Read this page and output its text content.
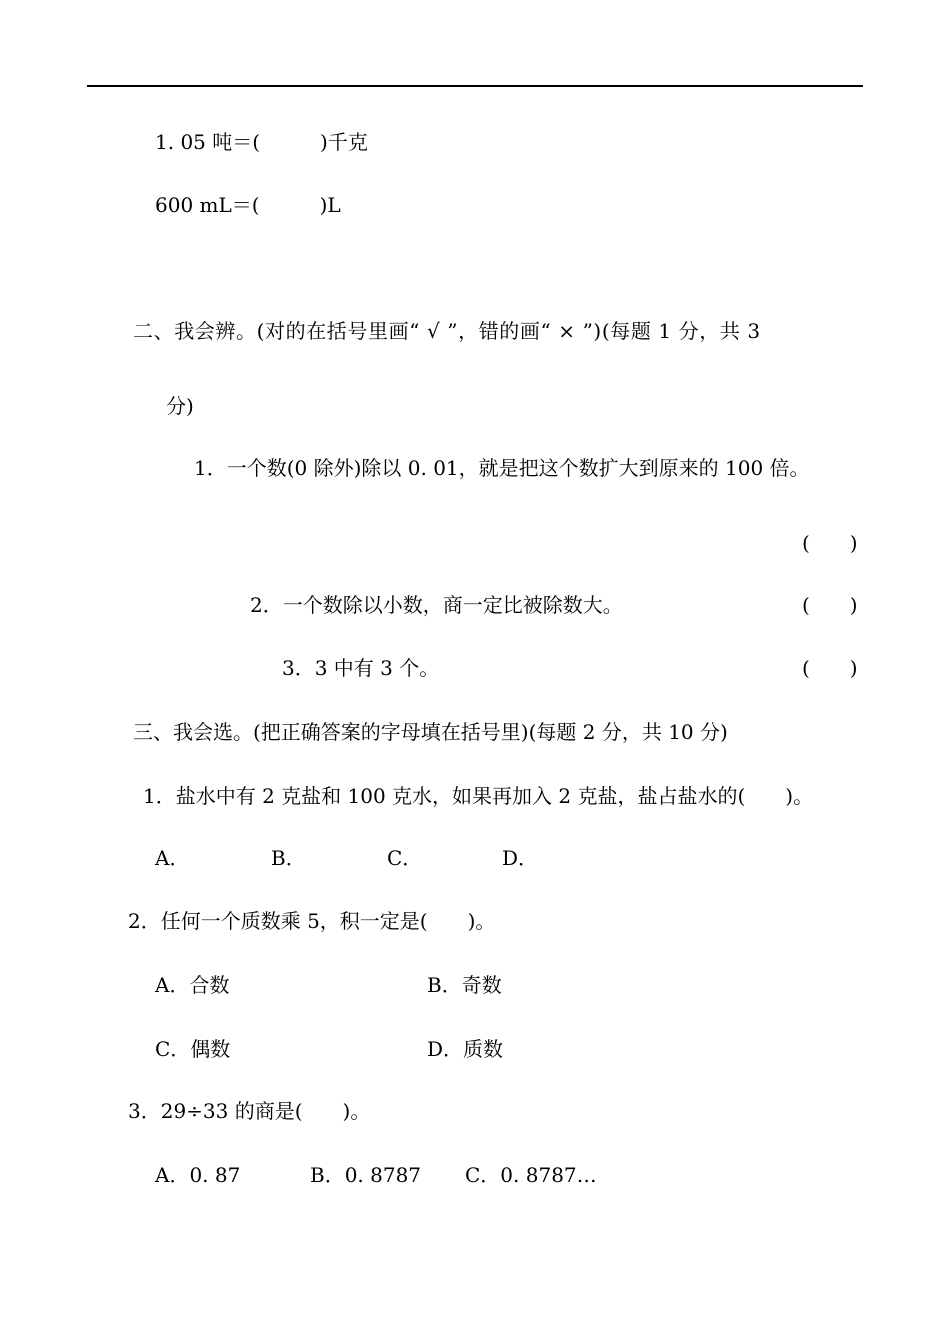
1. 05 吨＝(　　　)千克
600 mL＝(　　　)L
二、我会辨。(对的在括号里画“ √ ”，错的画“ × ”)(每题 1 分，共 3
分)
1．一个数(0 除外)除以 0. 01，就是把这个数扩大到原来的 100 倍。
(　　)
2．一个数除以小数，商一定比被除数大。	(　　)
3．3 中有 3 个。	(　　)
三、我会选。(把正确答案的字母填在括号里)(每题 2 分，共 10 分)
1．盐水中有 2 克盐和 100 克水，如果再加入 2 克盐，盐占盐水的(　　)。
A．	B．	C．	D．
2．任何一个质数乘 5，积一定是(　　)。
A．合数	B．奇数
C．偶数	D．质数
3．29÷33 的商是(　　)。
A．0. 87	B．0. 8787 C．0. 8787…
